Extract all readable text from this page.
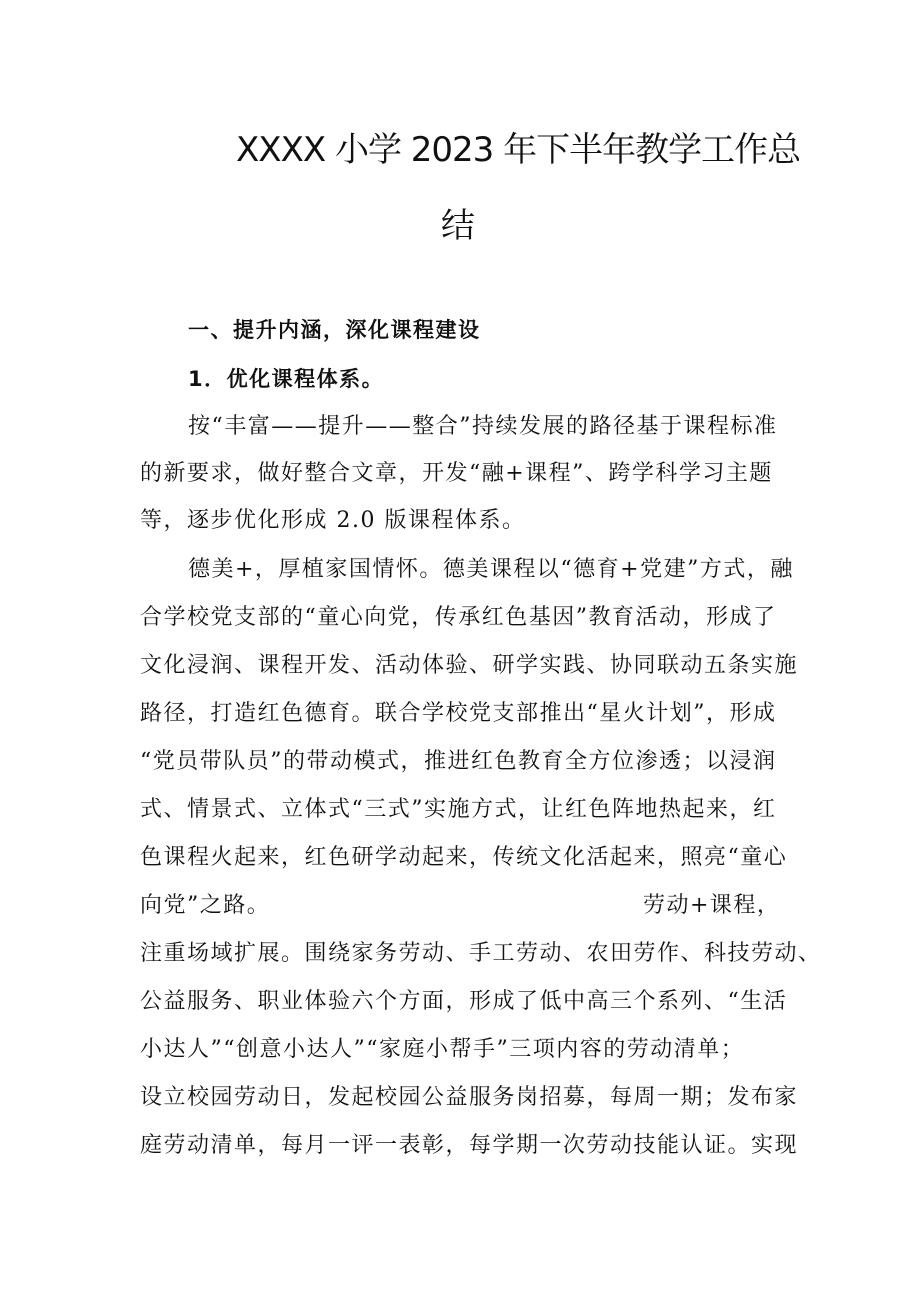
XXXX 小学 2023 年下半年教学工作总
结
一、提升内涵，深化课程建设
1．优化课程体系。
按“丰富——提升——整合”持续发展的路径基于课程标准
的新要求，做好整合文章，开发“融+课程”、跨学科学习主题
等，逐步优化形成 2.0 版课程体系。
德美+，厚植家国情怀。德美课程以“德育+党建”方式，融
合学校党支部的“童心向党，传承红色基因”教育活动，形成了
文化浸润、课程开发、活动体验、研学实践、协同联动五条实施
路径，打造红色德育。联合学校党支部推出“星火计划”，形成
“党员带队员”的带动模式，推进红色教育全方位渗透；以浸润
式、情景式、立体式“三式”实施方式，让红色阵地热起来，红
色课程火起来，红色研学动起来，传统文化活起来，照亮“童心
向党”之路。	劳动+课程，
注重场域扩展。围绕家务劳动、手工劳动、农田劳作、科技劳动、
公益服务、职业体验六个方面，形成了低中高三个系列、“生活
小达人”“创意小达人”“家庭小帮手”三项内容的劳动清单；
设立校园劳动日，发起校园公益服务岗招募，每周一期；发布家
庭劳动清单，每月一评一表彰，每学期一次劳动技能认证。实现
